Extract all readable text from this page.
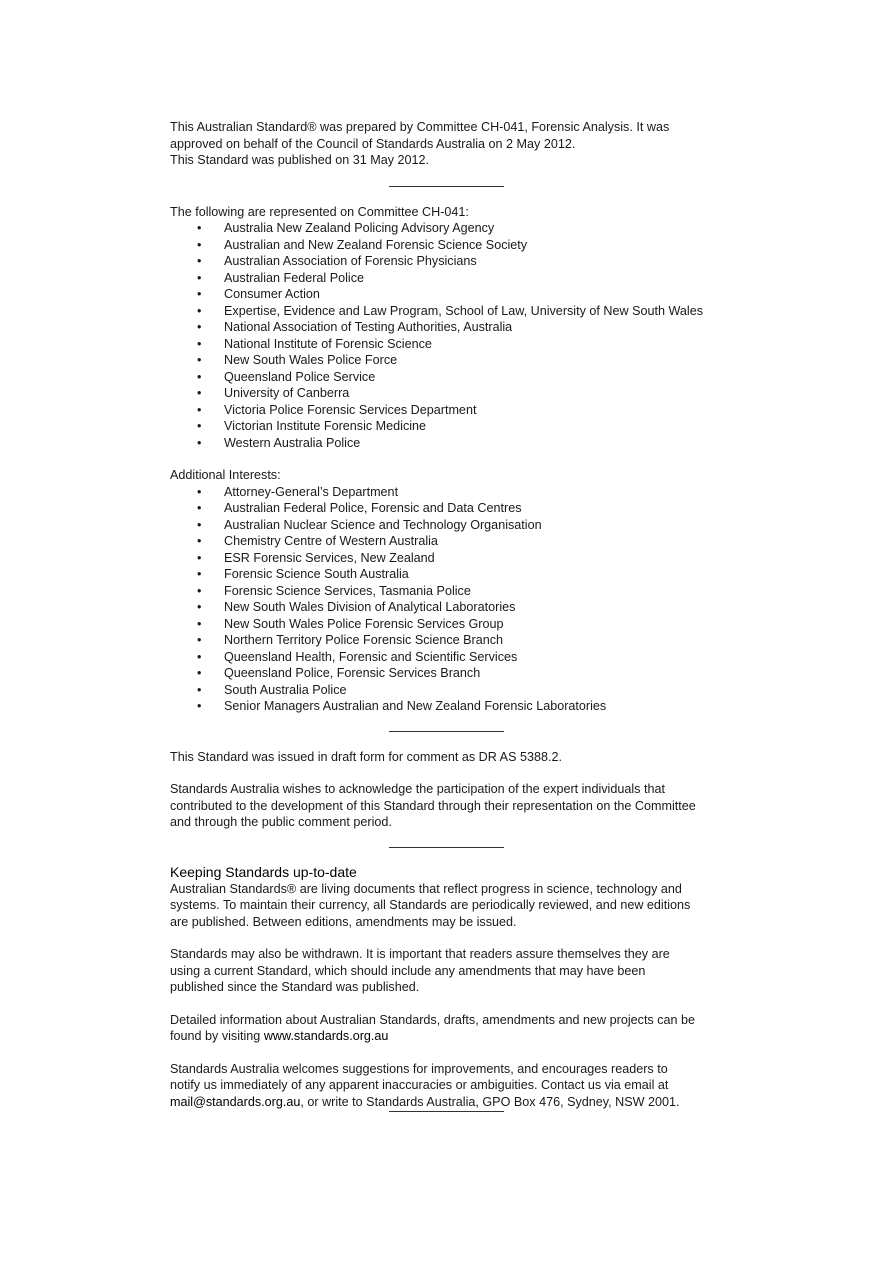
This Australian Standard® was prepared by Committee CH-041, Forensic Analysis. It was

approved on behalf of the Council of Standards Australia on 2 May 2012.

This Standard was published on 31 May 2012.

The following are represented on Committee CH-041:

• Australia New Zealand Policing Advisory Agency
• Australian and New Zealand Forensic Science Society
• Australian Association of Forensic Physicians
• Australian Federal Police
• Consumer Action
• Expertise, Evidence and Law Program, School of Law, University of New South Wales
• National Association of Testing Authorities, Australia
• National Institute of Forensic Science
• New South Wales Police Force
• Queensland Police Service
• University of Canberra
• Victoria Police Forensic Services Department
• Victorian Institute Forensic Medicine
• Western Australia Police

Additional Interests:

• Attorney-General’s Department
• Australian Federal Police, Forensic and Data Centres
• Australian Nuclear Science and Technology Organisation
• Chemistry Centre of Western Australia
• ESR Forensic Services, New Zealand
• Forensic Science South Australia
• Forensic Science Services, Tasmania Police
• New South Wales Division of Analytical Laboratories
• New South Wales Police Forensic Services Group
• Northern Territory Police Forensic Science Branch
• Queensland Health, Forensic and Scientific Services
• Queensland Police, Forensic Services Branch
• South Australia Police
• Senior Managers Australian and New Zealand Forensic Laboratories

This Standard was issued in draft form for comment as DR AS 5388.2.

Standards Australia wishes to acknowledge the participation of the expert individuals that

contributed to the development of this Standard through their representation on the Committee

and through the public comment period.

Keeping Standards up-to-date

Australian Standards® are living documents that reflect progress in science, technology and

systems. To maintain their currency, all Standards are periodically reviewed, and new editions

are published. Between editions, amendments may be issued.

Standards may also be withdrawn. It is important that readers assure themselves they are

using a current Standard, which should include any amendments that may have been

published since the Standard was published.

Detailed information about Australian Standards, drafts, amendments and new projects can be

found by visiting www.standards.org.au

Standards Australia welcomes suggestions for improvements, and encourages readers to

notify us immediately of any apparent inaccuracies or ambiguities. Contact us via email at

mail@standards.org.au, or write to Standards Australia, GPO Box 476, Sydney, NSW 2001.
